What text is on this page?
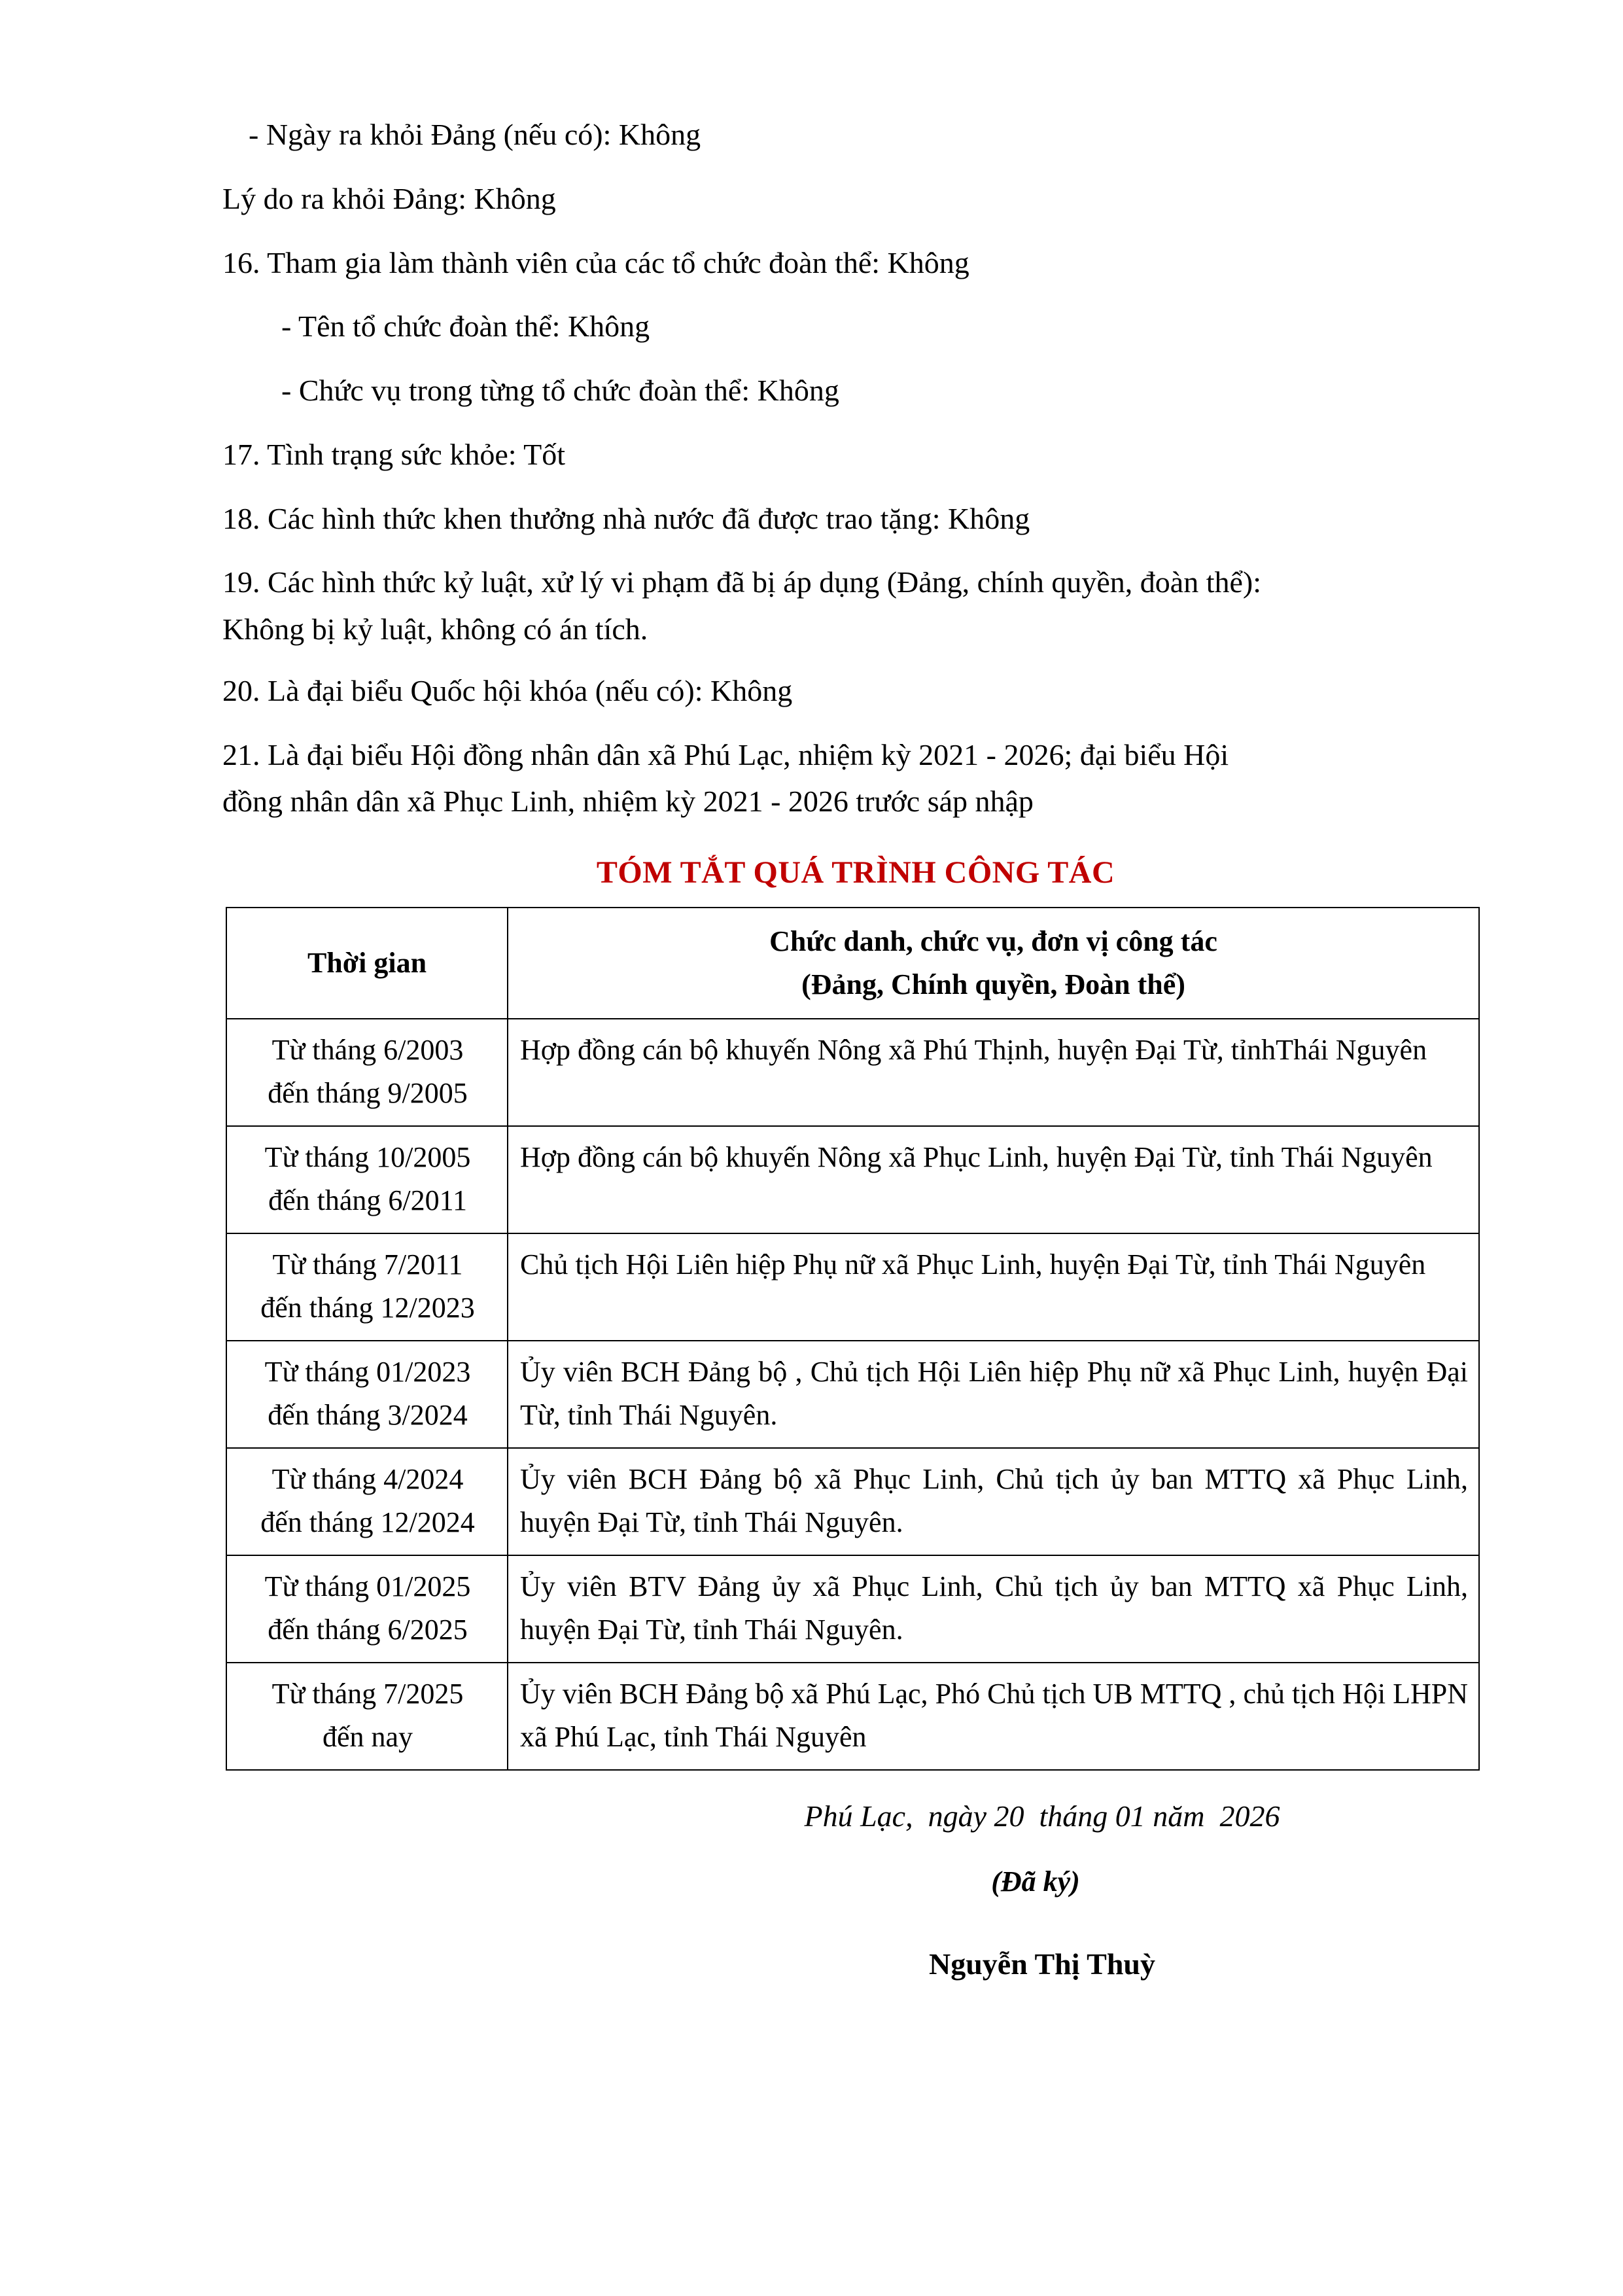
- Ngày ra khỏi Đảng (nếu có): Không

Lý do ra khỏi Đảng: Không

16. Tham gia làm thành viên của các tổ chức đoàn thể: Không

- Tên tổ chức đoàn thể: Không

- Chức vụ trong từng tổ chức đoàn thể: Không

17. Tình trạng sức khỏe: Tốt

18. Các hình thức khen thưởng nhà nước đã được trao tặng: Không

19. Các hình thức kỷ luật, xử lý vi phạm đã bị áp dụng (Đảng, chính quyền, đoàn thể):
Không bị kỷ luật, không có án tích.

20. Là đại biểu Quốc hội khóa (nếu có): Không

21. Là đại biểu Hội đồng nhân dân xã Phú Lạc, nhiệm kỳ 2021 - 2026; đại biểu Hội
đồng nhân dân xã Phục Linh, nhiệm kỳ 2021 - 2026 trước sáp nhập

TÓM TẮT QUÁ TRÌNH CÔNG TÁC
Thời gian	Chức danh, chức vụ, đơn vị công tác
(Đảng, Chính quyền, Đoàn thể)

Từ tháng 6/2003
đến tháng 9/2005	Hợp đồng cán bộ khuyến Nông xã Phú Thịnh, huyện Đại Từ, tỉnhThái Nguyên

Từ tháng 10/2005
đến tháng 6/2011	Hợp đồng cán bộ khuyến Nông xã Phục Linh, huyện Đại Từ, tỉnh Thái Nguyên

Từ tháng 7/2011
đến tháng 12/2023	Chủ tịch Hội Liên hiệp Phụ nữ xã Phục Linh, huyện Đại Từ, tỉnh Thái Nguyên

Từ tháng 01/2023
đến tháng 3/2024	Ủy viên BCH Đảng bộ , Chủ tịch Hội Liên hiệp Phụ nữ xã Phục Linh, huyện Đại Từ, tỉnh Thái Nguyên.

Từ tháng 4/2024
đến tháng 12/2024	Ủy viên BCH Đảng bộ xã Phục Linh, Chủ tịch ủy ban MTTQ xã Phục Linh, huyện Đại Từ, tỉnh Thái Nguyên.

Từ tháng 01/2025
đến tháng 6/2025	Ủy viên BTV Đảng ủy xã Phục Linh, Chủ tịch ủy ban MTTQ xã Phục Linh, huyện Đại Từ, tỉnh Thái Nguyên.

Từ tháng 7/2025
đến nay	Ủy viên BCH Đảng bộ xã Phú Lạc, Phó Chủ tịch UB MTTQ , chủ tịch Hội LHPN xã Phú Lạc, tỉnh Thái Nguyên
Phú Lạc,  ngày 20  tháng 01 năm  2026
(Đã ký)
Nguyễn Thị Thuỳ
